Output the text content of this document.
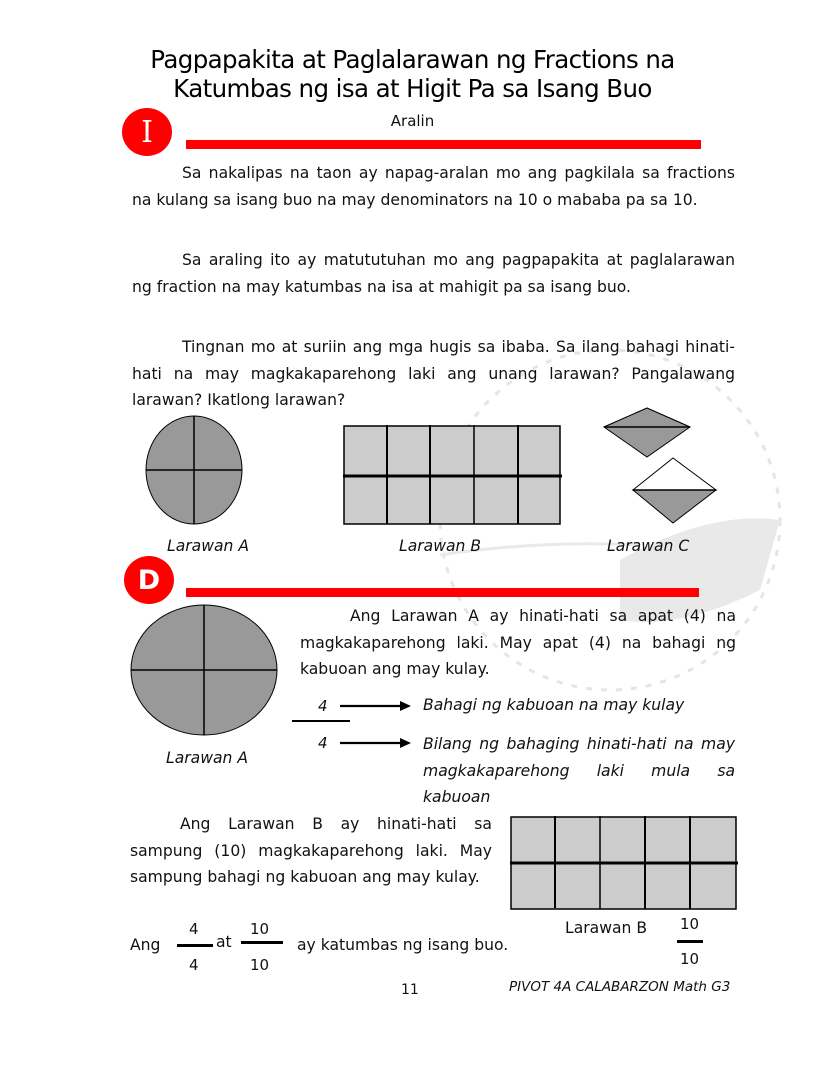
Pagpapakita at Paglalarawan ng Fractions na
Katumbas ng isa at Higit Pa sa Isang Buo
Aralin
I
Sa nakalipas na taon ay napag-aralan mo ang pagkilala sa fractions na kulang sa isang buo na may denominators na 10 o mababa pa sa 10.
Sa araling ito ay matututuhan mo ang pagpapakita at paglalarawan ng fraction na may katumbas na isa at mahigit pa sa isang buo.
Tingnan mo at suriin ang mga hugis sa ibaba. Sa ilang bahagi hinati-hati na may magkakaparehong laki ang unang larawan? Pangalawang larawan? Ikatlong larawan?
Larawan A	Larawan B	Larawan C
D
Larawan A
Ang Larawan A ay hinati-hati sa apat (4) na magkakaparehong laki. May apat (4) na bahagi ng kabuoan ang may kulay.
4	Bahagi ng kabuoan na may kulay
4	Bilang ng bahaging hinati-hati na may magkakaparehong laki mula sa kabuoan
Ang Larawan B ay hinati-hati sa sampung (10) magkakaparehong laki. May sampung bahagi ng kabuoan ang may kulay.
Larawan B 10
10
Ang
4
4
at
10
10
ay katumbas ng isang buo.
11	PIVOT 4A CALABARZON Math G3
